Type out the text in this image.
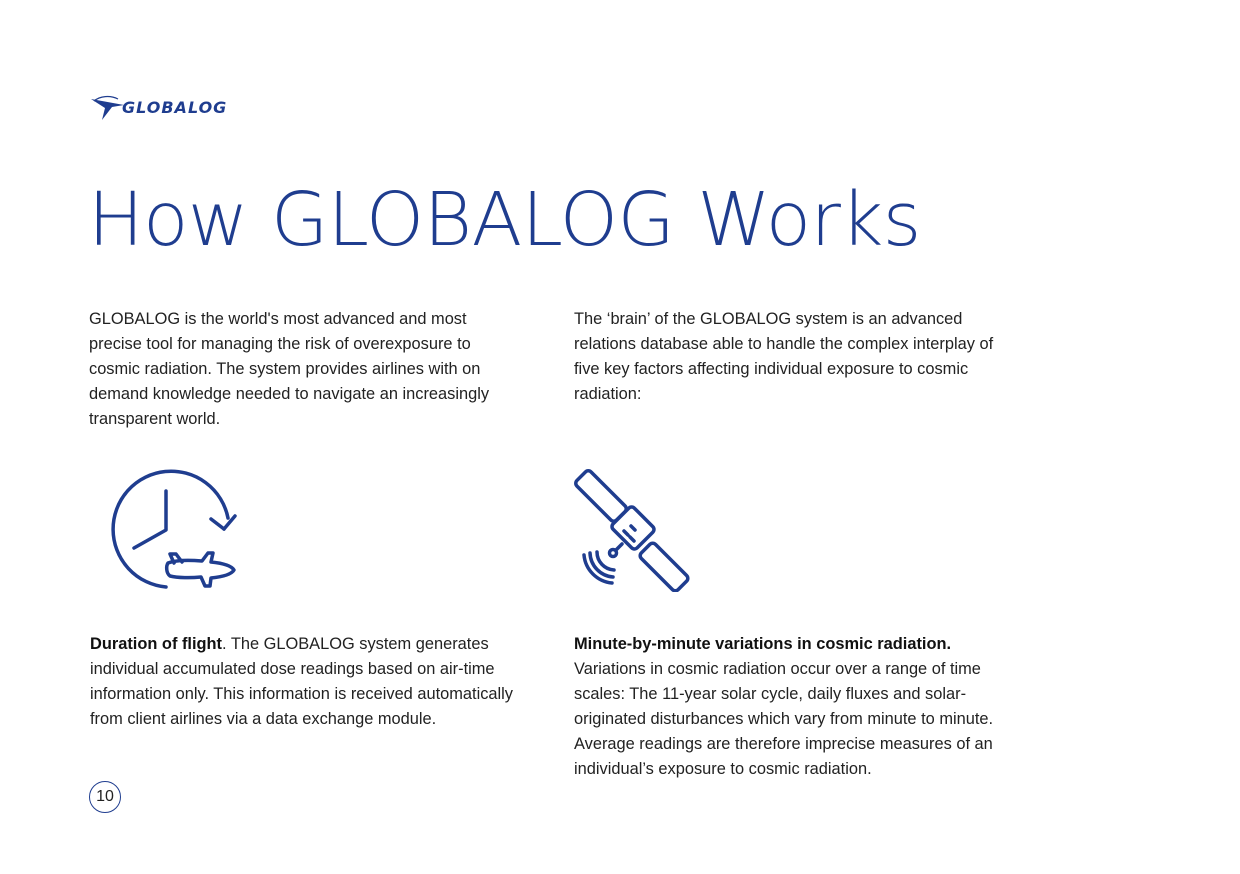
GLOBALOG
How GLOBALOG Works

GLOBALOG is the world's most advanced and most precise tool for managing the risk of overexposure to cosmic radiation. The system provides airlines with on demand knowledge needed to navigate an increasingly transparent world.

The ‘brain’ of the GLOBALOG system is an advanced relations database able to handle the complex interplay of five key factors affecting individual exposure to cosmic radiation:

Duration of flight. The GLOBALOG system generates individual accumulated dose readings based on air-time information only. This information is received automatically from client airlines via a data exchange module.

Minute-by-minute variations in cosmic radiation. Variations in cosmic radiation occur over a range of time scales: The 11-year solar cycle, daily fluxes and solar-originated disturbances which vary from minute to minute. Average readings are therefore imprecise measures of an individual’s exposure to cosmic radiation.

10
